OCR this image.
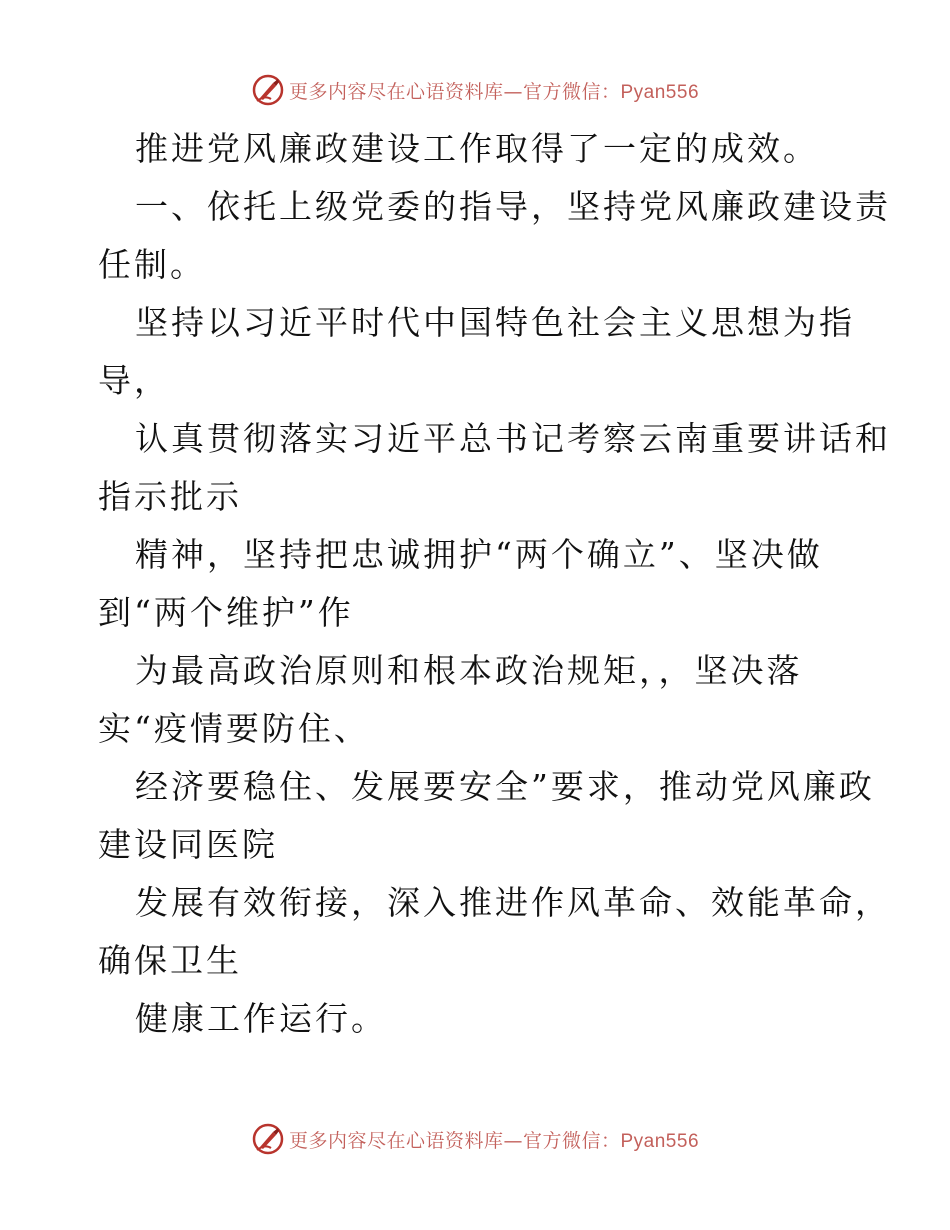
更多内容尽在心语资料库—官方微信：Pyan556
推进党风廉政建设工作取得了一定的成效。
一、依托上级党委的指导，坚持党风廉政建设责
任制。
坚持以习近平时代中国特色社会主义思想为指
导，
认真贯彻落实习近平总书记考察云南重要讲话和
指示批示
精神，坚持把忠诚拥护“两个确立”、坚决做
到“两个维护”作
为最高政治原则和根本政治规矩，，坚决落
实“疫情要防住、
经济要稳住、发展要安全”要求，推动党风廉政
建设同医院
发展有效衔接，深入推进作风革命、效能革命，
确保卫生
健康工作运行。
更多内容尽在心语资料库—官方微信：Pyan556
